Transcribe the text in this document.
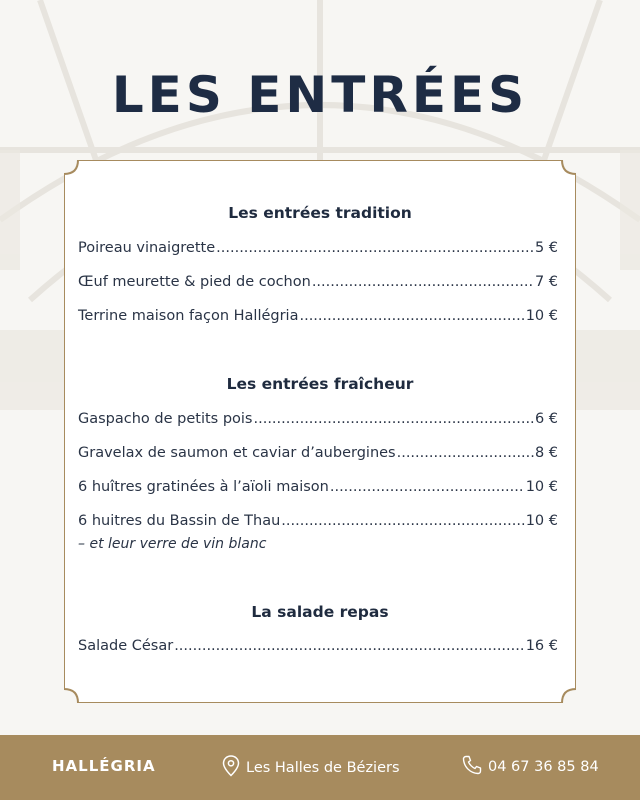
LES ENTRÉES
Les entrées tradition
Poireau vinaigrette .....	5 €
Œuf meurette & pied de cochon .....	7 €
Terrine maison façon Hallégria .....	10 €
Les entrées fraîcheur
Gaspacho de petits pois .....	6 €
Gravelax de saumon et caviar d’aubergines .....	8 €
6 huîtres gratinées à l’aïoli maison .....	10 €
6 huitres du Bassin de Thau .....	10 €
– et leur verre de vin blanc
La salade repas
Salade César .....	16 €
HALLÉGRIA	Les Halles de Béziers	04 67 36 85 84
